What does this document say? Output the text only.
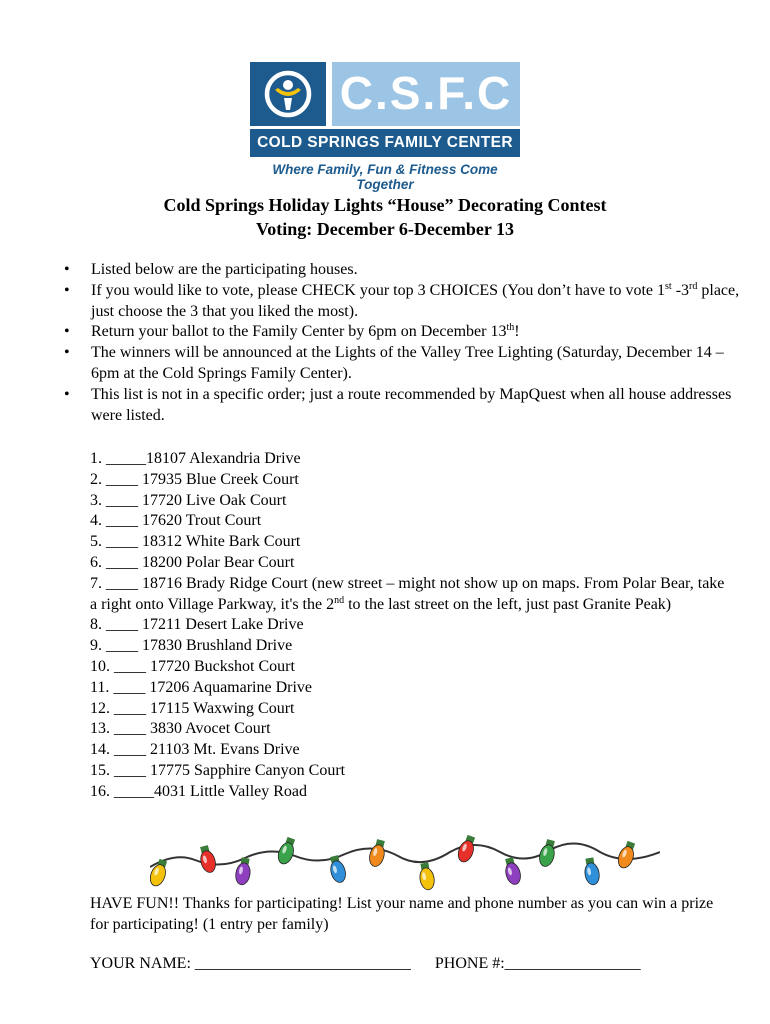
C.S.F.C
COLD SPRINGS FAMILY CENTER
Where Family, Fun & Fitness Come Together
Cold Springs Holiday Lights “House” Decorating Contest
Voting: December 6-December 13
• Listed below are the participating houses.
• If you would like to vote, please CHECK your top 3 CHOICES (You don’t have to vote 1st -3rd place, just choose the 3 that you liked the most).
• Return your ballot to the Family Center by 6pm on December 13th!
• The winners will be announced at the Lights of the Valley Tree Lighting (Saturday, December 14 – 6pm at the Cold Springs Family Center).
• This list is not in a specific order; just a route recommended by MapQuest when all house addresses were listed.
1. _____18107 Alexandria Drive
2. ____ 17935 Blue Creek Court
3. ____ 17720 Live Oak Court
4. ____ 17620 Trout Court
5. ____ 18312 White Bark Court
6. ____ 18200 Polar Bear Court
7. ____ 18716 Brady Ridge Court (new street – might not show up on maps. From Polar Bear, take a right onto Village Parkway, it's the 2nd to the last street on the left, just past Granite Peak)
8. ____ 17211 Desert Lake Drive
9. ____ 17830 Brushland Drive
10. ____ 17720 Buckshot Court
11. ____ 17206 Aquamarine Drive
12. ____ 17115 Waxwing Court
13. ____ 3830 Avocet Court
14. ____ 21103 Mt. Evans Drive
15. ____ 17775 Sapphire Canyon Court
16. _____4031 Little Valley Road
HAVE FUN!! Thanks for participating! List your name and phone number as you can win a prize for participating! (1 entry per family)
YOUR NAME: ___________________________ PHONE #:_________________
